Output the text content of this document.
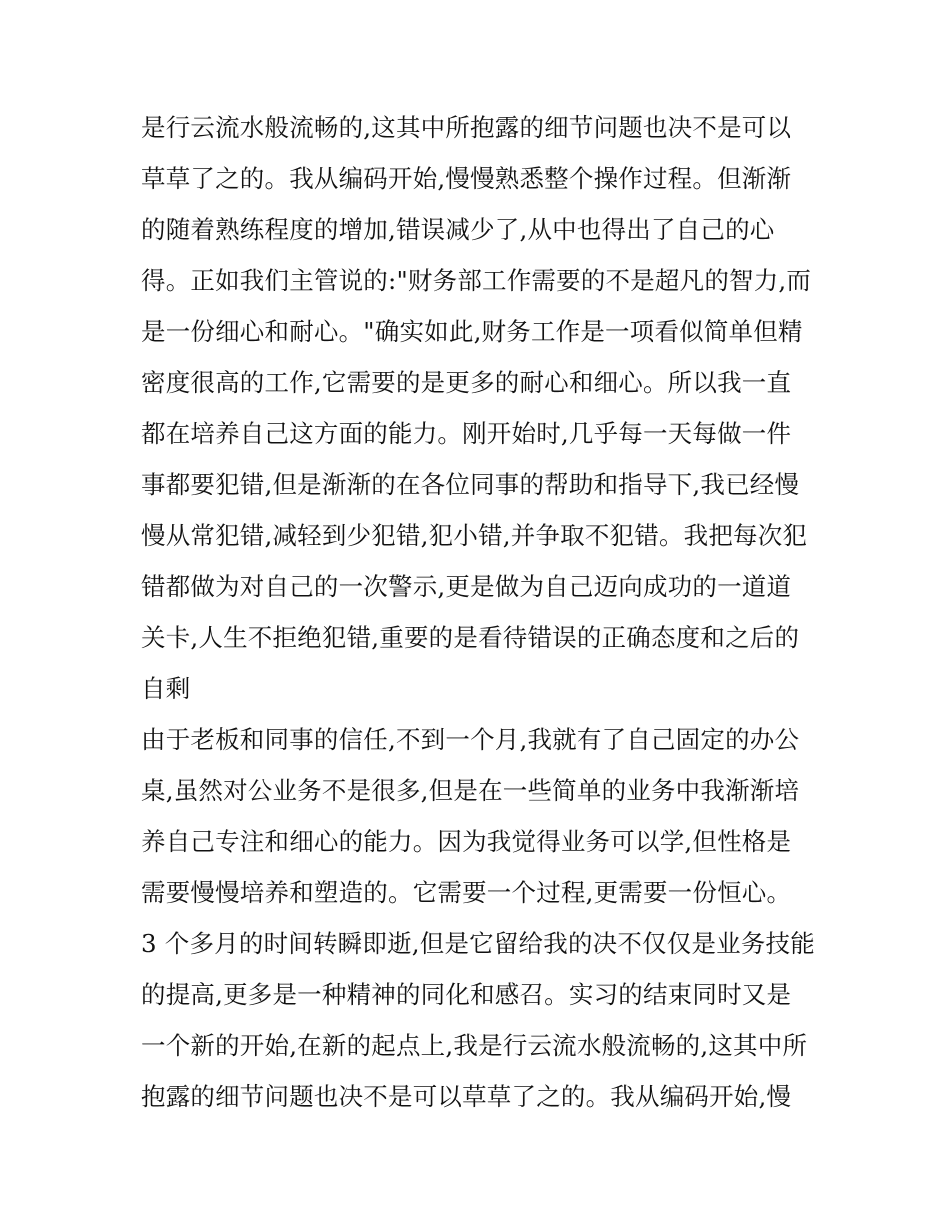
是行云流水般流畅的,这其中所抱露的细节问题也决不是可以
草草了之的。我从编码开始,慢慢熟悉整个操作过程。但渐渐
的随着熟练程度的增加,错误减少了,从中也得出了自己的心
得。正如我们主管说的:"财务部工作需要的不是超凡的智力,而
是一份细心和耐心。"确实如此,财务工作是一项看似简单但精
密度很高的工作,它需要的是更多的耐心和细心。所以我一直
都在培养自己这方面的能力。刚开始时,几乎每一天每做一件
事都要犯错,但是渐渐的在各位同事的帮助和指导下,我已经慢
慢从常犯错,减轻到少犯错,犯小错,并争取不犯错。我把每次犯
错都做为对自己的一次警示,更是做为自己迈向成功的一道道
关卡,人生不拒绝犯错,重要的是看待错误的正确态度和之后的
自剩
由于老板和同事的信任,不到一个月,我就有了自己固定的办公
桌,虽然对公业务不是很多,但是在一些简单的业务中我渐渐培
养自己专注和细心的能力。因为我觉得业务可以学,但性格是
需要慢慢培养和塑造的。它需要一个过程,更需要一份恒心。
3 个多月的时间转瞬即逝,但是它留给我的决不仅仅是业务技能
的提高,更多是一种精神的同化和感召。实习的结束同时又是
一个新的开始,在新的起点上,我是行云流水般流畅的,这其中所
抱露的细节问题也决不是可以草草了之的。我从编码开始,慢
